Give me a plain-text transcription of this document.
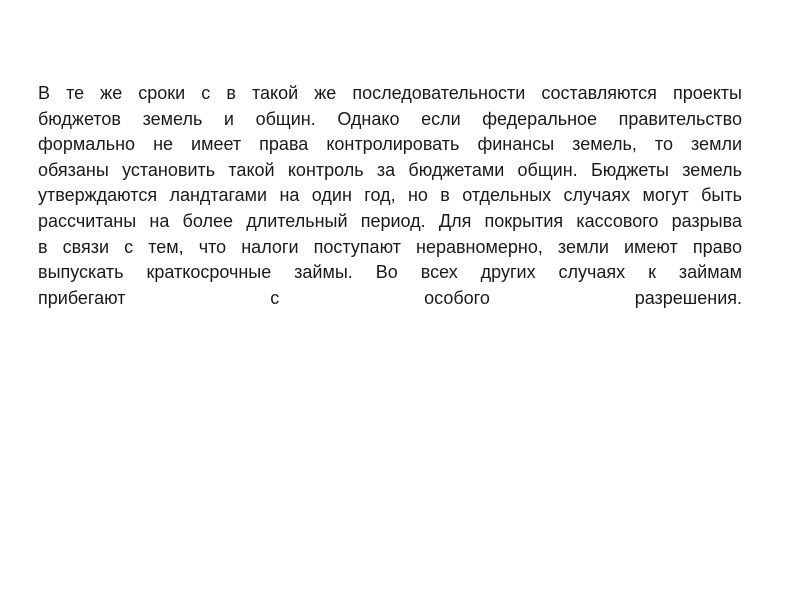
В те же сроки с в такой же последовательности составляются проекты
бюджетов земель и общин. Однако если федеральное правительство
формально не имеет права контролировать финансы земель, то земли
обязаны установить такой контроль за бюджетами общин. Бюджеты земель
утверждаются ландтагами на один год, но в отдельных случаях могут быть
рассчитаны на более длительный период. Для покрытия кассового разрыва
в связи с тем, что налоги поступают неравномерно, земли имеют право
выпускать краткосрочные займы. Во всех других случаях к займам
прибегают с особого разрешения.
